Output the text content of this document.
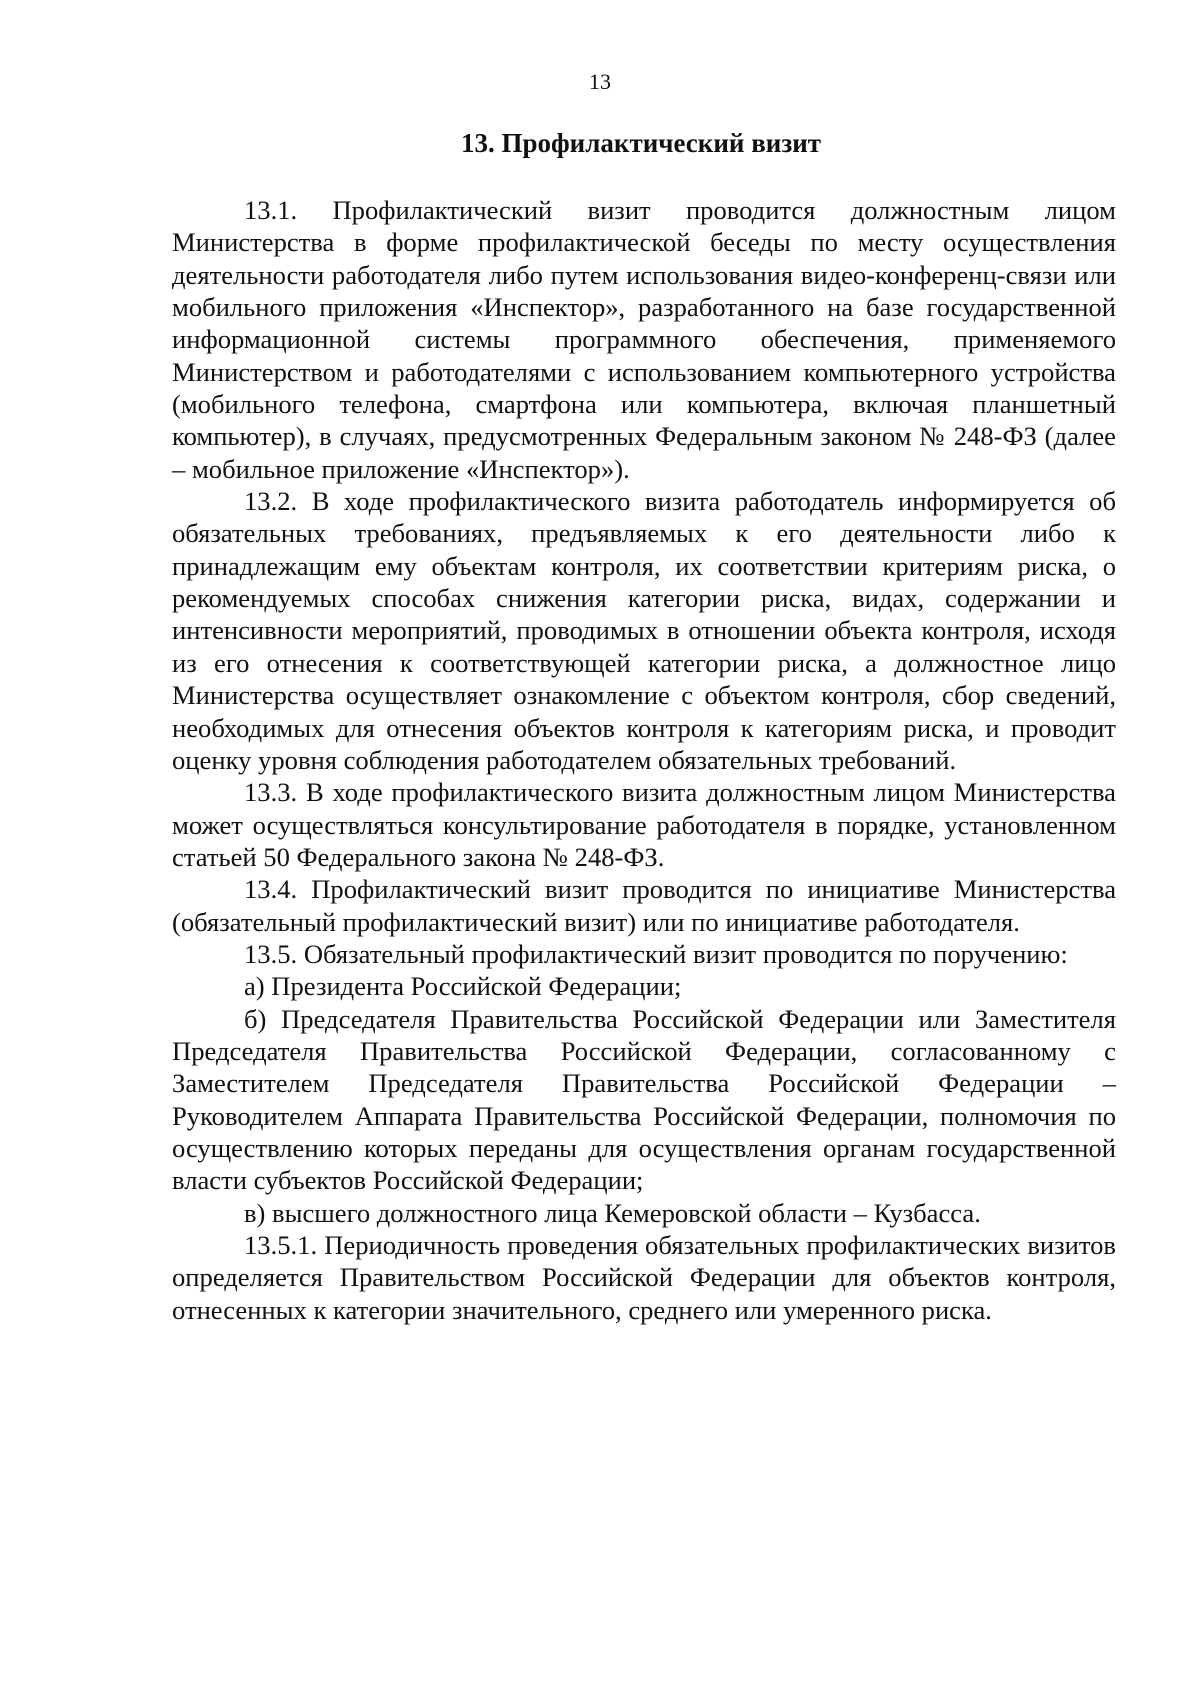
13
13. Профилактический визит

13.1. Профилактический визит проводится должностным лицом Министерства в форме профилактической беседы по месту осуществления деятельности работодателя либо путем использования видео-конференц-связи или мобильного приложения «Инспектор», разработанного на базе государственной информационной системы программного обеспечения, применяемого Министерством и работодателями с использованием компьютерного устройства (мобильного телефона, смартфона или компьютера, включая планшетный компьютер), в случаях, предусмотренных Федеральным законом № 248-ФЗ (далее – мобильное приложение «Инспектор»).

13.2. В ходе профилактического визита работодатель информируется об обязательных требованиях, предъявляемых к его деятельности либо к принадлежащим ему объектам контроля, их соответствии критериям риска, о рекомендуемых способах снижения категории риска, видах, содержании и интенсивности мероприятий, проводимых в отношении объекта контроля, исходя из его отнесения к соответствующей категории риска, а должностное лицо Министерства осуществляет ознакомление с объектом контроля, сбор сведений, необходимых для отнесения объектов контроля к категориям риска, и проводит оценку уровня соблюдения работодателем обязательных требований.

13.3. В ходе профилактического визита должностным лицом Министерства может осуществляться консультирование работодателя в порядке, установленном статьей 50 Федерального закона № 248-ФЗ.

13.4. Профилактический визит проводится по инициативе Министерства (обязательный профилактический визит) или по инициативе работодателя.

13.5. Обязательный профилактический визит проводится по поручению:

а) Президента Российской Федерации;

б) Председателя Правительства Российской Федерации или Заместителя Председателя Правительства Российской Федерации, согласованному с Заместителем Председателя Правительства Российской Федерации – Руководителем Аппарата Правительства Российской Федерации, полномочия по осуществлению которых переданы для осуществления органам государственной власти субъектов Российской Федерации;

в) высшего должностного лица Кемеровской области – Кузбасса.

13.5.1. Периодичность проведения обязательных профилактических визитов определяется Правительством Российской Федерации для объектов контроля, отнесенных к категории значительного, среднего или умеренного риска.
